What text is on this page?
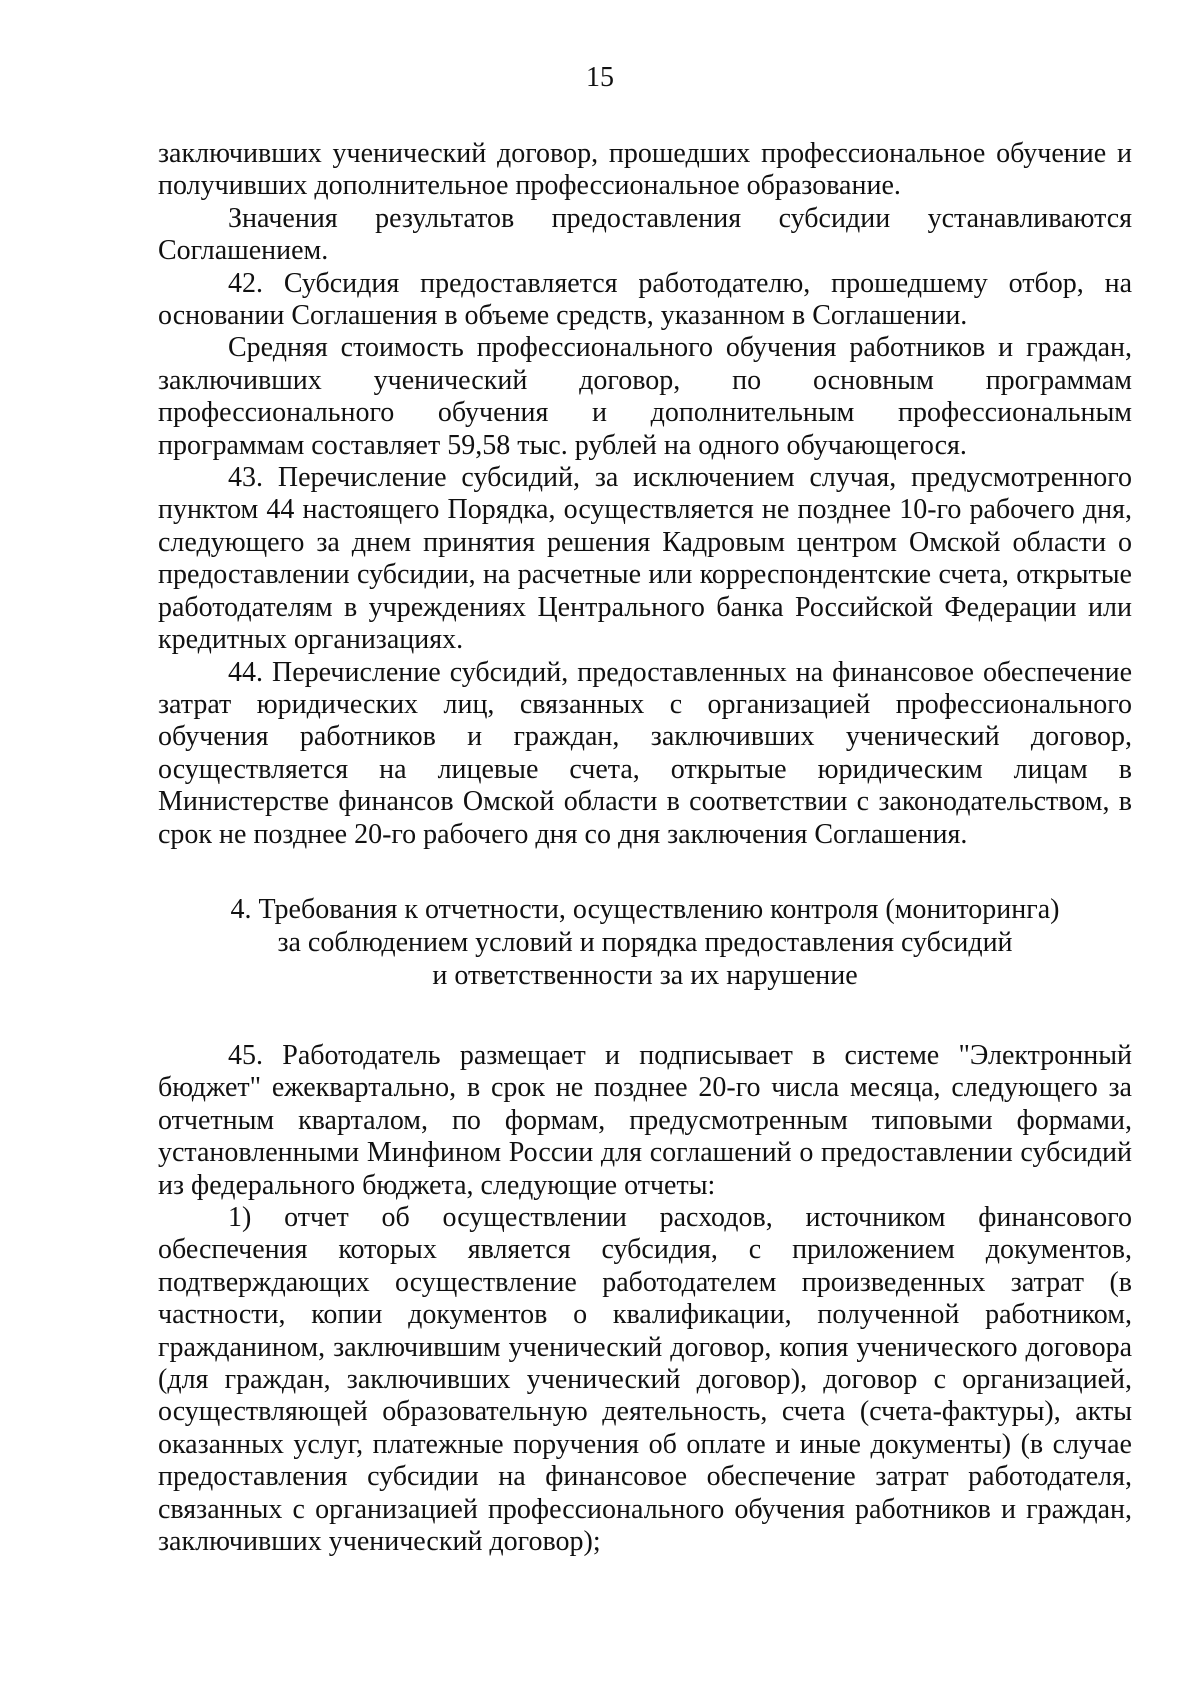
15

заключивших ученический договор, прошедших профессиональное обучение и получивших дополнительное профессиональное образование.

Значения результатов предоставления субсидии устанавливаются Соглашением.

42. Субсидия предоставляется работодателю, прошедшему отбор, на основании Соглашения в объеме средств, указанном в Соглашении.

Средняя стоимость профессионального обучения работников и граждан, заключивших ученический договор, по основным программам профессионального обучения и дополнительным профессиональным программам составляет 59,58 тыс. рублей на одного обучающегося.

43. Перечисление субсидий, за исключением случая, предусмотренного пунктом 44 настоящего Порядка, осуществляется не позднее 10-го рабочего дня, следующего за днем принятия решения Кадровым центром Омской области о предоставлении субсидии, на расчетные или корреспондентские счета, открытые работодателям в учреждениях Центрального банка Российской Федерации или кредитных организациях.

44. Перечисление субсидий, предоставленных на финансовое обеспечение затрат юридических лиц, связанных с организацией профессионального обучения работников и граждан, заключивших ученический договор, осуществляется на лицевые счета, открытые юридическим лицам в Министерстве финансов Омской области в соответствии с законодательством, в срок не позднее 20-го рабочего дня со дня заключения Соглашения.

4. Требования к отчетности, осуществлению контроля (мониторинга)
за соблюдением условий и порядка предоставления субсидий
и ответственности за их нарушение

45. Работодатель размещает и подписывает в системе "Электронный бюджет" ежеквартально, в срок не позднее 20-го числа месяца, следующего за отчетным кварталом, по формам, предусмотренным типовыми формами, установленными Минфином России для соглашений о предоставлении субсидий из федерального бюджета, следующие отчеты:

1) отчет об осуществлении расходов, источником финансового обеспечения которых является субсидия, с приложением документов, подтверждающих осуществление работодателем произведенных затрат (в частности, копии документов о квалификации, полученной работником, гражданином, заключившим ученический договор, копия ученического договора (для граждан, заключивших ученический договор), договор с организацией, осуществляющей образовательную деятельность, счета (счета-фактуры), акты оказанных услуг, платежные поручения об оплате и иные документы) (в случае предоставления субсидии на финансовое обеспечение затрат работодателя, связанных с организацией профессионального обучения работников и граждан, заключивших ученический договор);
